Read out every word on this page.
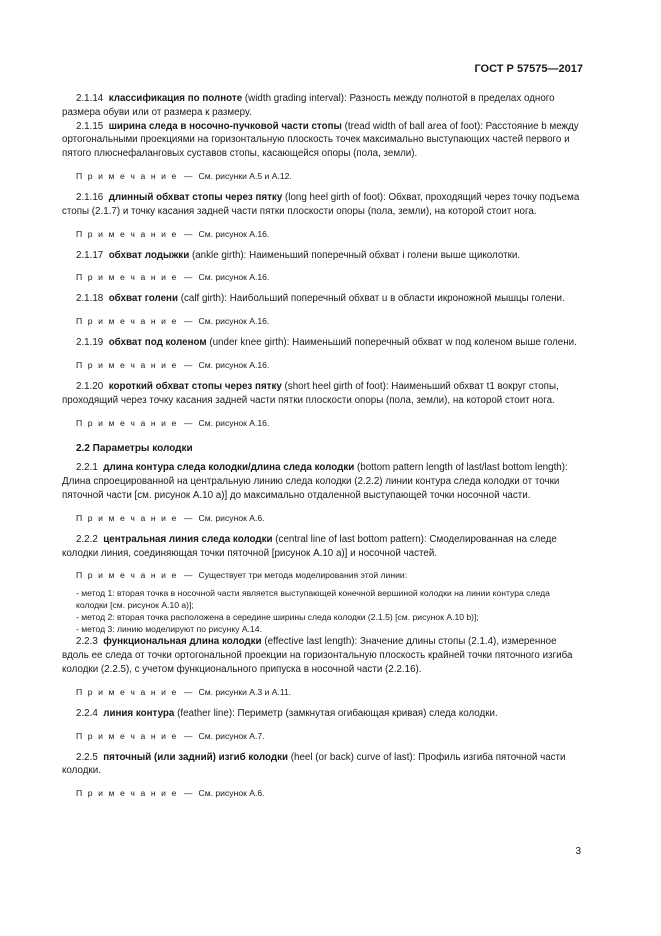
ГОСТ Р 57575—2017

2.1.14 классификация по полноте (width grading interval): Разность между полнотой в пределах одного размера обуви или от размера к размеру.

2.1.15 ширина следа в носочно-пучковой части стопы (tread width of ball area of foot): Расстояние b между ортогональными проекциями на горизонтальную плоскость точек максимально выступающих частей первого и пятого плюснефаланговых суставов стопы, касающейся опоры (пола, земли).

П р и м е ч а н и е — См. рисунки А.5 и А.12.

2.1.16 длинный обхват стопы через пятку (long heel girth of foot): Обхват, проходящий через точку подъема стопы (2.1.7) и точку касания задней части пятки плоскости опоры (пола, земли), на которой стоит нога.

П р и м е ч а н и е — См. рисунок А.16.

2.1.17 обхват лодыжки (ankle girth): Наименьший поперечный обхват i голени выше щиколотки.

П р и м е ч а н и е — См. рисунок А.16.

2.1.18 обхват голени (calf girth): Наибольший поперечный обхват u в области икроножной мышцы голени.

П р и м е ч а н и е — См. рисунок А.16.

2.1.19 обхват под коленом (under knee girth): Наименьший поперечный обхват w под коленом выше голени.

П р и м е ч а н и е — См. рисунок А.16.

2.1.20 короткий обхват стопы через пятку (short heel girth of foot): Наименьший обхват t1 вокруг стопы, проходящий через точку касания задней части пятки плоскости опоры (пола, земли), на которой стоит нога.

П р и м е ч а н и е — См. рисунок А.16.

2.2 Параметры колодки

2.2.1 длина контура следа колодки/длина следа колодки (bottom pattern length of last/last bottom length): Длина спроецированной на центральную линию следа колодки (2.2.2) линии контура следа колодки от точки пяточной части [см. рисунок А.10 а)] до максимально отдаленной выступающей точки носочной части.

П р и м е ч а н и е — См. рисунок А.6.

2.2.2 центральная линия следа колодки (central line of last bottom pattern): Смоделированная на следе колодки линия, соединяющая точки пяточной [рисунок А.10 а)] и носочной частей.

П р и м е ч а н и е — Существует три метода моделирования этой линии:

- метод 1: вторая точка в носочной части является выступающей конечной вершиной колодки на линии контура следа колодки [см. рисунок А.10 а)];

- метод 2: вторая точка расположена в середине ширины следа колодки (2.1.5) [см. рисунок А.10 b)];

- метод 3: линию моделируют по рисунку А.14.

2.2.3 функциональная длина колодки (effective last length): Значение длины стопы (2.1.4), измеренное вдоль ее следа от точки ортогональной проекции на горизонтальную плоскость крайней точки пяточного изгиба колодки (2.2.5), с учетом функционального припуска в носочной части (2.2.16).

П р и м е ч а н и е — См. рисунки А.3 и А.11.

2.2.4 линия контура (feather line): Периметр (замкнутая огибающая кривая) следа колодки.

П р и м е ч а н и е — См. рисунок А.7.

2.2.5 пяточный (или задний) изгиб колодки (heel (or back) curve of last): Профиль изгиба пяточной части колодки.

П р и м е ч а н и е — См. рисунок А.6.

3
